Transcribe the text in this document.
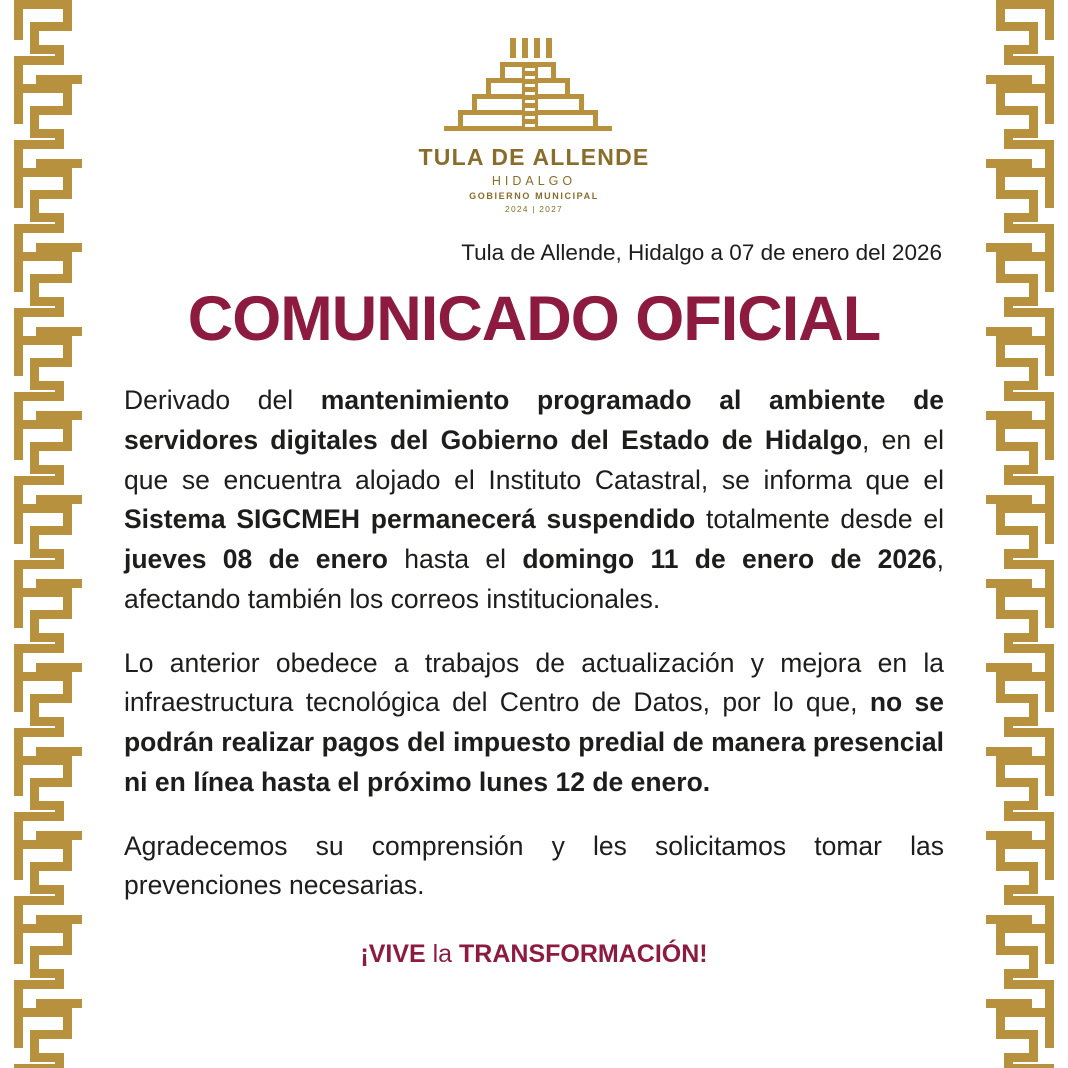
TULA DE ALLENDE
HIDALGO
GOBIERNO MUNICIPAL
2024 | 2027
Tula de Allende, Hidalgo a 07 de enero del 2026
COMUNICADO OFICIAL

Derivado del mantenimiento programado al ambiente de servidores digitales del Gobierno del Estado de Hidalgo, en el que se encuentra alojado el Instituto Catastral, se informa que el Sistema SIGCMEH permanecerá suspendido totalmente desde el jueves 08 de enero hasta el domingo 11 de enero de 2026, afectando también los correos institucionales.

Lo anterior obedece a trabajos de actualización y mejora en la infraestructura tecnológica del Centro de Datos, por lo que, no se podrán realizar pagos del impuesto predial de manera presencial ni en línea hasta el próximo lunes 12 de enero.

Agradecemos su comprensión y les solicitamos tomar las prevenciones necesarias.

¡VIVE la TRANSFORMACIÓN!
